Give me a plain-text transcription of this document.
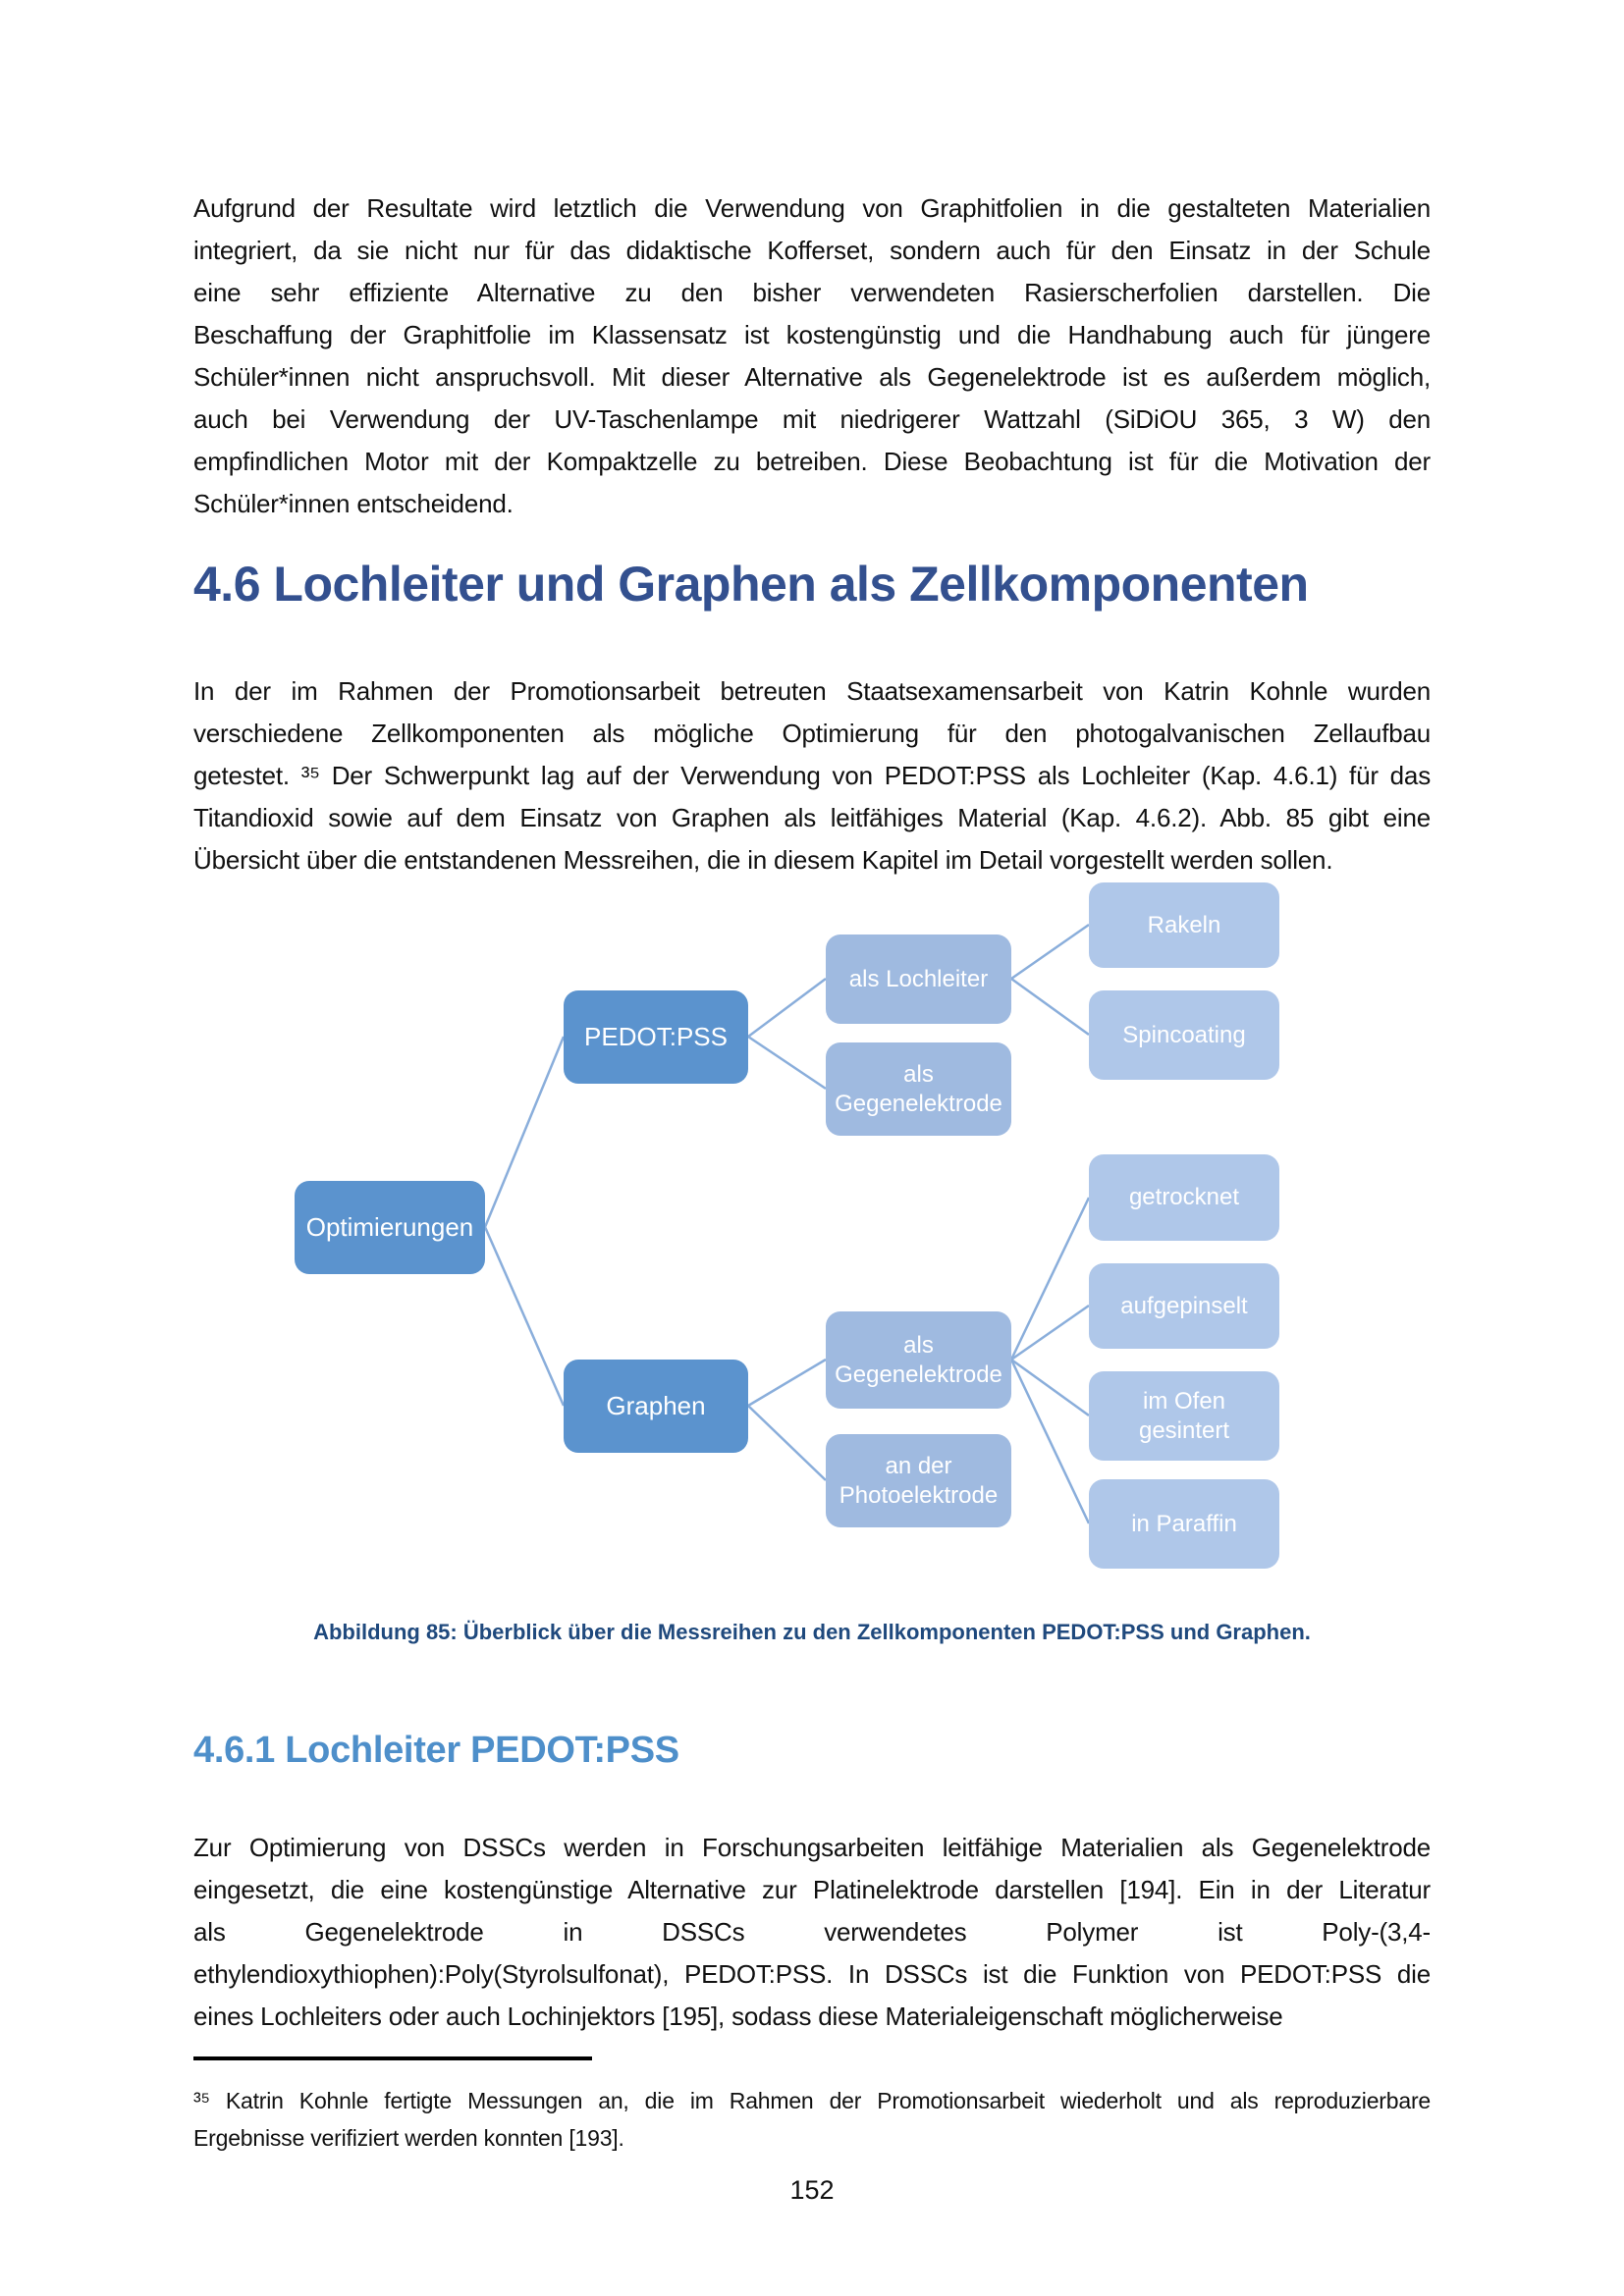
Aufgrund der Resultate wird letztlich die Verwendung von Graphitfolien in die gestalteten Materialien
integriert, da sie nicht nur für das didaktische Kofferset, sondern auch für den Einsatz in der Schule
eine sehr effiziente Alternative zu den bisher verwendeten Rasierscherfolien darstellen. Die
Beschaffung der Graphitfolie im Klassensatz ist kostengünstig und die Handhabung auch für jüngere
Schüler*innen nicht anspruchsvoll. Mit dieser Alternative als Gegenelektrode ist es außerdem möglich,
auch bei Verwendung der UV-Taschenlampe mit niedrigerer Wattzahl (SiDiOU 365, 3 W) den
empfindlichen Motor mit der Kompaktzelle zu betreiben. Diese Beobachtung ist für die Motivation der
Schüler*innen entscheidend.
4.6 Lochleiter und Graphen als Zellkomponenten
In der im Rahmen der Promotionsarbeit betreuten Staatsexamensarbeit von Katrin Kohnle wurden
verschiedene Zellkomponenten als mögliche Optimierung für den photogalvanischen Zellaufbau
getestet. ³⁵ Der Schwerpunkt lag auf der Verwendung von PEDOT:PSS als Lochleiter (Kap. 4.6.1) für das
Titandioxid sowie auf dem Einsatz von Graphen als leitfähiges Material (Kap. 4.6.2). Abb. 85 gibt eine
Übersicht über die entstandenen Messreihen, die in diesem Kapitel im Detail vorgestellt werden sollen.
Optimierungen
PEDOT:PSS
Graphen
als Lochleiter
als Gegenelektrode
als Gegenelektrode
an der Photoelektrode
Rakeln
Spincoating
getrocknet
aufgepinselt
im Ofen gesintert
in Paraffin
Abbildung 85: Überblick über die Messreihen zu den Zellkomponenten PEDOT:PSS und Graphen.
4.6.1 Lochleiter PEDOT:PSS
Zur Optimierung von DSSCs werden in Forschungsarbeiten leitfähige Materialien als Gegenelektrode
eingesetzt, die eine kostengünstige Alternative zur Platinelektrode darstellen [194]. Ein in der Literatur
als Gegenelektrode in DSSCs verwendetes Polymer ist Poly-(3,4-
ethylendioxythiophen):Poly(Styrolsulfonat), PEDOT:PSS. In DSSCs ist die Funktion von PEDOT:PSS die
eines Lochleiters oder auch Lochinjektors [195], sodass diese Materialeigenschaft möglicherweise
³⁵ Katrin Kohnle fertigte Messungen an, die im Rahmen der Promotionsarbeit wiederholt und als reproduzierbare
Ergebnisse verifiziert werden konnten [193].
152
